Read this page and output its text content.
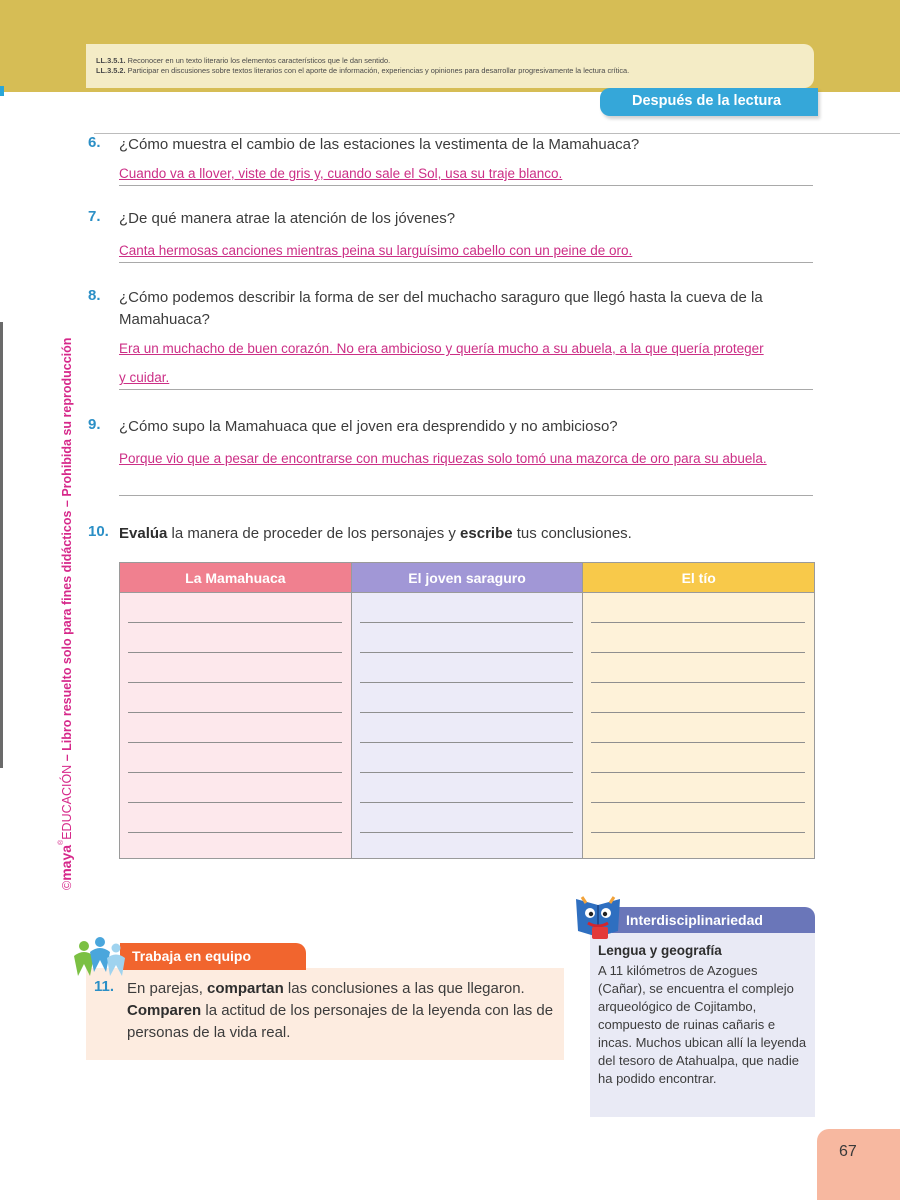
LL.3.5.1. Reconocer en un texto literario los elementos característicos que le dan sentido.

LL.3.5.2. Participar en discusiones sobre textos literarios con el aporte de información, experiencias y opiniones para desarrollar progresivamente la lectura crítica.

Después de la lectura
©maya®EDUCACIÓN – Libro resuelto solo para fines didácticos – Prohibida su reproducción
6. ¿Cómo muestra el cambio de las estaciones la vestimenta de la Mamahuaca?
Cuando va a llover, viste de gris y, cuando sale el Sol, usa su traje blanco.
7. ¿De qué manera atrae la atención de los jóvenes?
Canta hermosas canciones mientras peina su larguísimo cabello con un peine de oro.
8. ¿Cómo podemos describir la forma de ser del muchacho saraguro que llegó hasta la cueva de la Mamahuaca?
Era un muchacho de buen corazón. No era ambicioso y quería mucho a su abuela, a la que quería proteger
y cuidar.
9. ¿Cómo supo la Mamahuaca que el joven era desprendido y no ambicioso?
Porque vio que a pesar de encontrarse con muchas riquezas solo tomó una mazorca de oro para su abuela.
10. Evalúa la manera de proceder de los personajes y escribe tus conclusiones.
La Mamahuaca	El joven saraguro	El tío
Trabaja en equipo
11. En parejas, compartan las conclusiones a las que llegaron. Comparen la actitud de los personajes de la leyenda con las de personas de la vida real.
Interdisciplinariedad
Lengua y geografía

A 11 kilómetros de Azogues (Cañar), se encuentra el complejo arqueológico de Cojitambo, compuesto de ruinas cañaris e incas. Muchos ubican allí la leyenda del tesoro de Atahualpa, que nadie ha podido encontrar.

67
